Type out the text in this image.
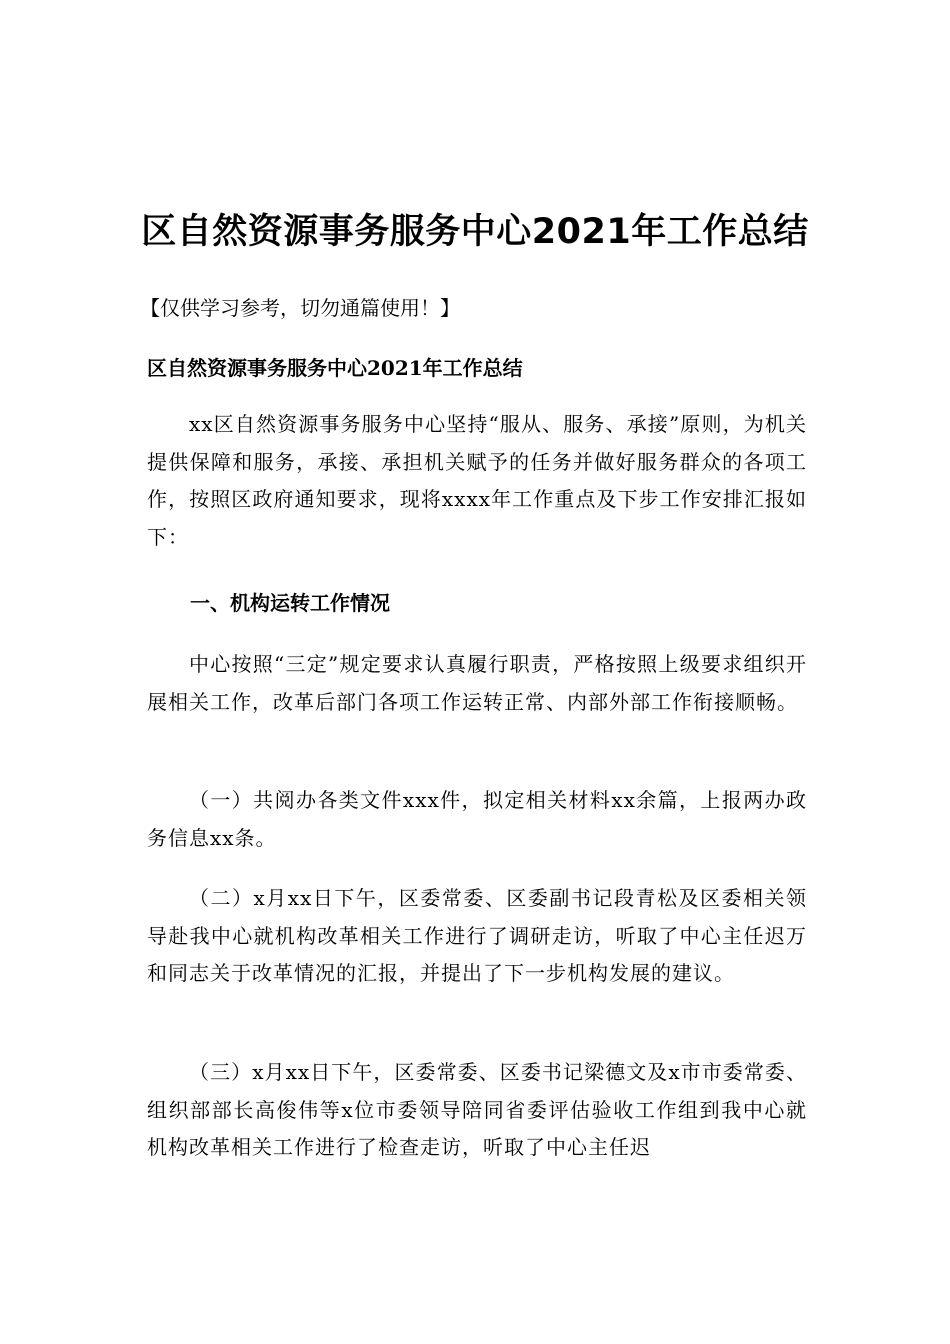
区自然资源事务服务中心2021年工作总结
【仅供学习参考，切勿通篇使用！】
区自然资源事务服务中心2021年工作总结

xx区自然资源事务服务中心坚持“服从、服务、承接”原则，为机关提供保障和服务，承接、承担机关赋予的任务并做好服务群众的各项工作，按照区政府通知要求，现将xxxx年工作重点及下步工作安排汇报如下：

一、机构运转工作情况

中心按照“三定”规定要求认真履行职责，严格按照上级要求组织开展相关工作，改革后部门各项工作运转正常、内部外部工作衔接顺畅。

（一）共阅办各类文件xxx件，拟定相关材料xx余篇，上报两办政务信息xx条。

（二）x月xx日下午，区委常委、区委副书记段青松及区委相关领导赴我中心就机构改革相关工作进行了调研走访，听取了中心主任迟万和同志关于改革情况的汇报，并提出了下一步机构发展的建议。

（三）x月xx日下午，区委常委、区委书记梁德文及x市市委常委、组织部部长高俊伟等x位市委领导陪同省委评估验收工作组到我中心就机构改革相关工作进行了检查走访，听取了中心主任迟
